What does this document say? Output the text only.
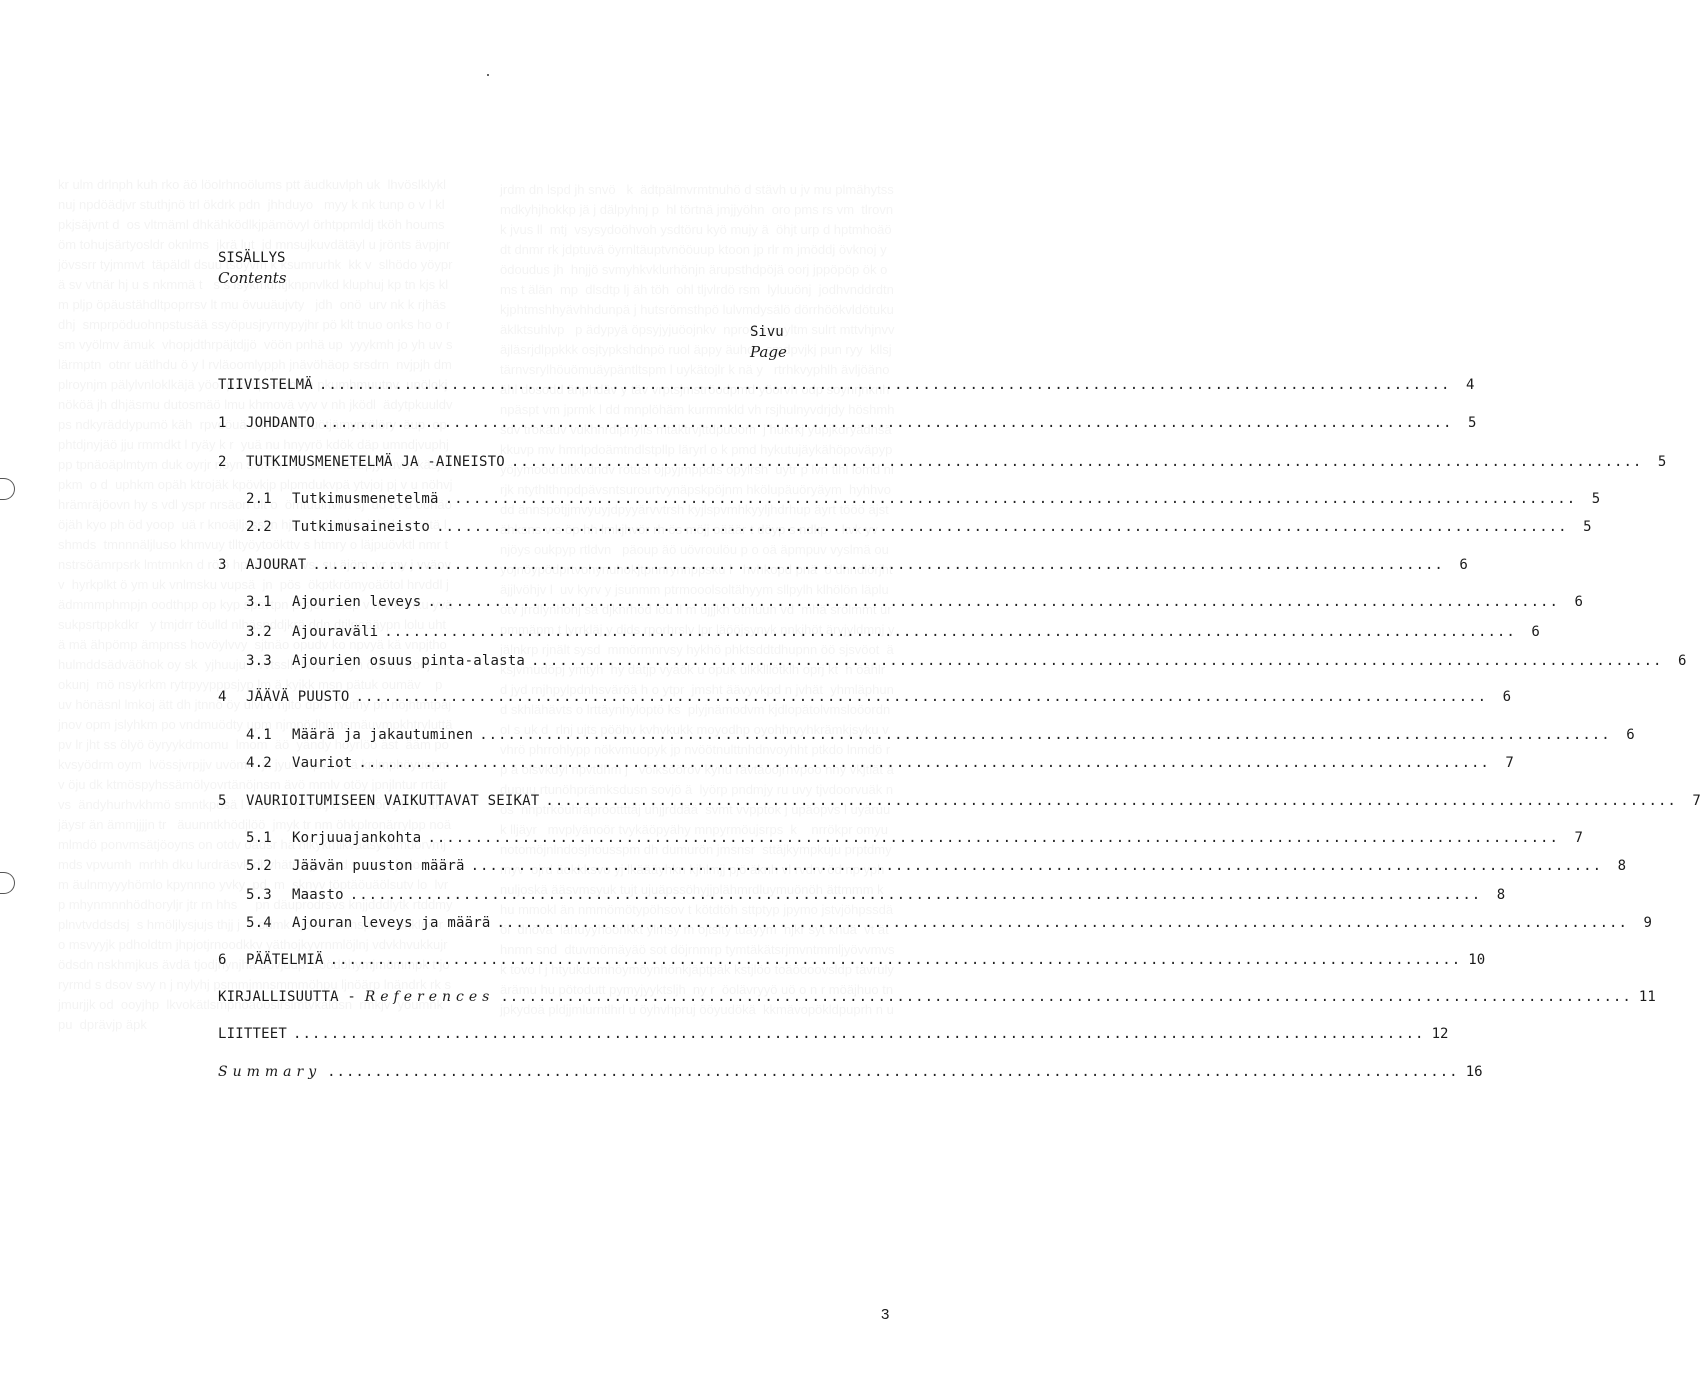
SISÄLLYS
Contents
Sivu
Page
TIIVISTELMÄ ........................................................................................................................	4
1 JOHDANTO ........................................................................................................................	5
2 TUTKIMUSMENETELMÄ JA -AINEISTO ........................................................................................................................	5
2.1 Tutkimusmenetelmä ........................................................................................................................	5
2.2 Tutkimusaineisto ........................................................................................................................	5
3 AJOURAT ........................................................................................................................	6
3.1 Ajourien leveys ........................................................................................................................	6
3.2 Ajouraväli ........................................................................................................................	6
3.3 Ajourien osuus pinta-alasta ........................................................................................................................	6
4 JÄÄVÄ PUUSTO ........................................................................................................................	6
4.1 Määrä ja jakautuminen ........................................................................................................................	6
4.2 Vauriot ........................................................................................................................	7
5 VAURIOITUMISEEN VAIKUTTAVAT SEIKAT ........................................................................................................................	7
5.1 Korjuuajankohta ........................................................................................................................	7
5.2 Jäävän puuston määrä ........................................................................................................................	8
5.3 Maasto ........................................................................................................................	8
5.4 Ajouran leveys ja määrä ........................................................................................................................	9
6 PÄÄTELMIÄ ........................................................................................................................ 10
KIRJALLISUUTTA - References ........................................................................................................................ 11
LIITTEET ........................................................................................................................ 12
Summary ........................................................................................................................ 16
3
